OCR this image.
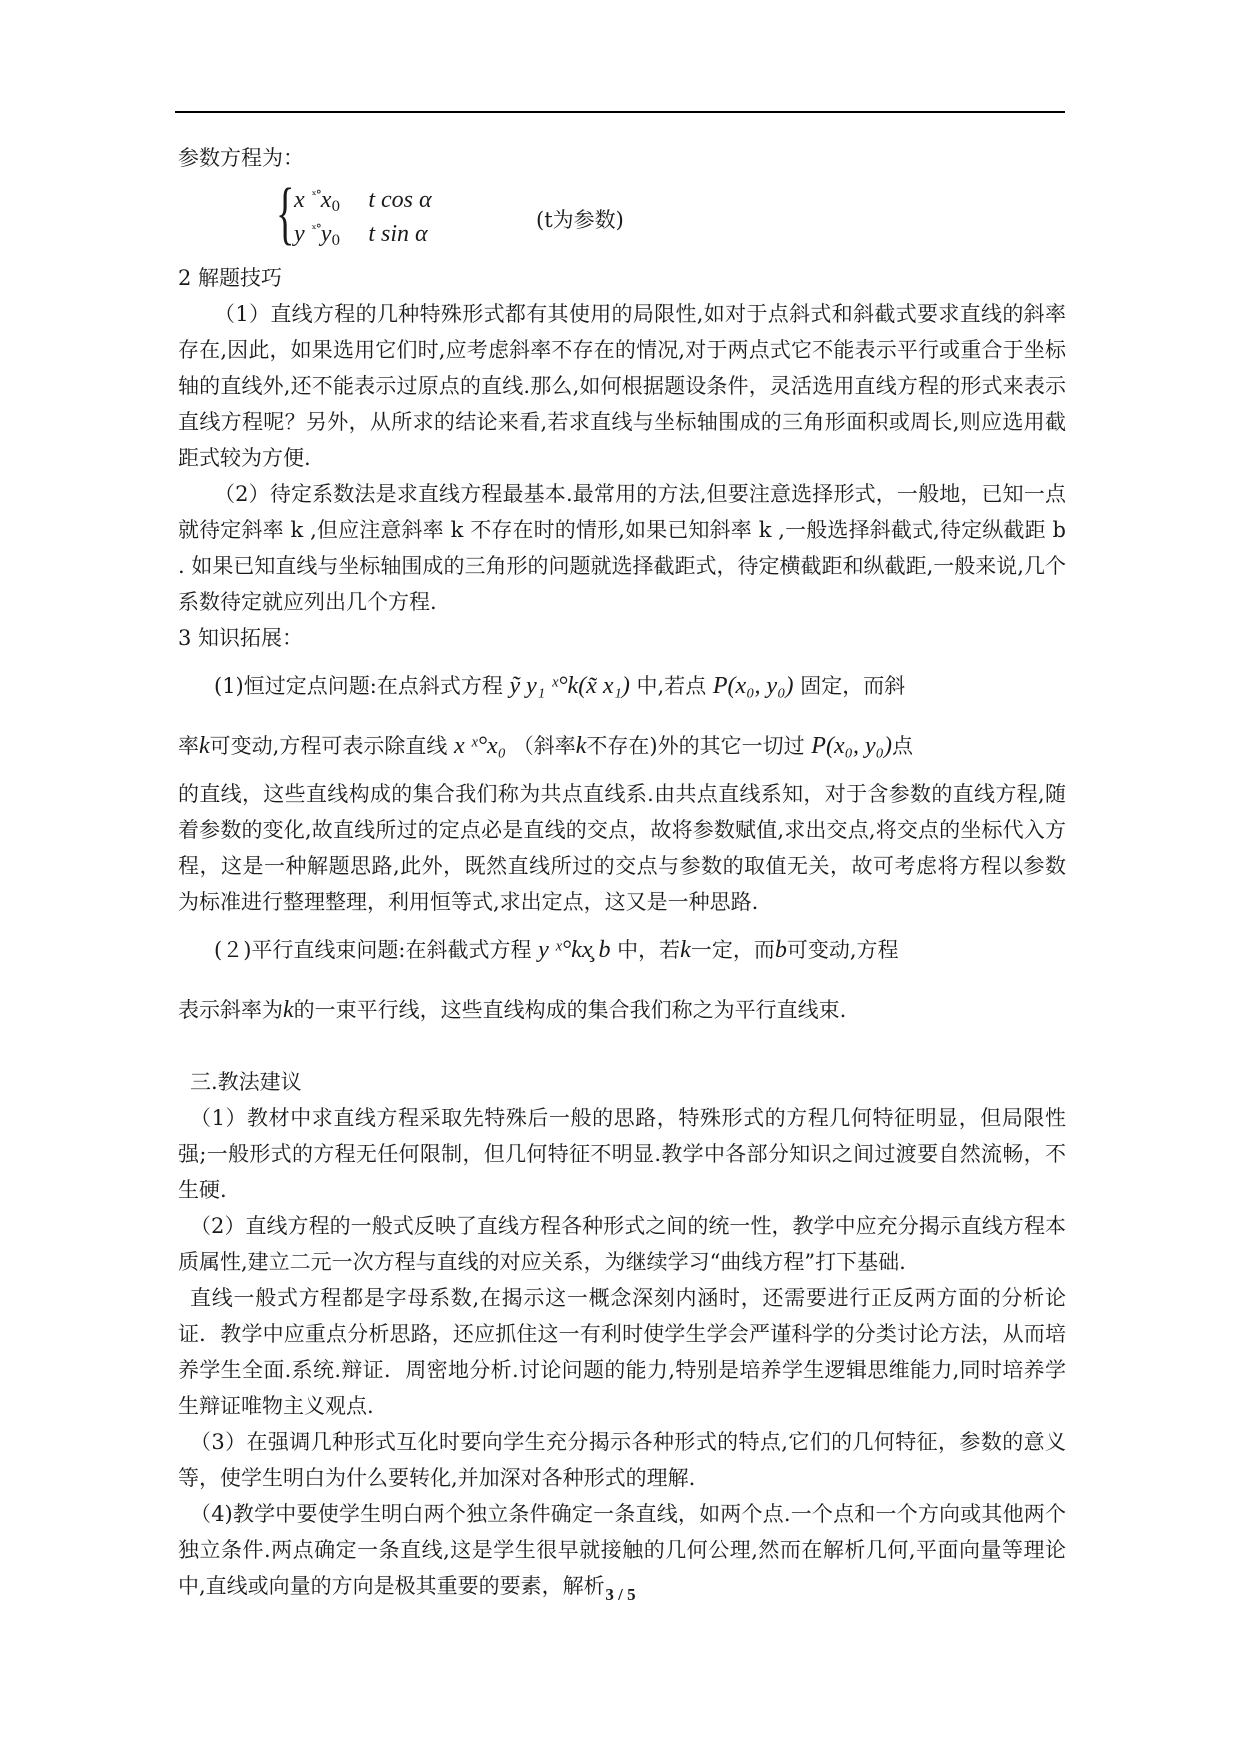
参数方程为：

{ x $^{ˣ^\circ}x_0$ t cos α
y $^{ˣ^\circ}y_0$ t sin α
(t为参数)

2 解题技巧

（1）直线方程的几种特殊形式都有其使用的局限性,如对于点斜式和斜截式要求直线的斜率存在,因此，如果选用它们时,应考虑斜率不存在的情况,对于两点式它不能表示平行或重合于坐标轴的直线外,还不能表示过原点的直线.那么,如何根据题设条件，灵活选用直线方程的形式来表示直线方程呢？另外，从所求的结论来看,若求直线与坐标轴围成的三角形面积或周长,则应选用截距式较为方便.

（2）待定系数法是求直线方程最基本.最常用的方法,但要注意选择形式，一般地，已知一点就待定斜率 k ,但应注意斜率 k 不存在时的情形,如果已知斜率 k ,一般选择斜截式,待定纵截距 b . 如果已知直线与坐标轴围成的三角形的问题就选择截距式，待定横截距和纵截距,一般来说,几个系数待定就应列出几个方程.

3 知识拓展：

(1)恒过定点问题:在点斜式方程 ỹ y₁ ˣ°k(x̃ x₁) 中,若点 P(x₀, y₀) 固定，而斜

率k可变动,方程可表示除直线 x ˣ°x₀ （斜率k不存在)外的其它一切过 P(x₀, y₀)点

的直线，这些直线构成的集合我们称为共点直线系.由共点直线系知，对于含参数的直线方程,随着参数的变化,故直线所过的定点必是直线的交点，故将参数赋值,求出交点,将交点的坐标代入方程，这是一种解题思路,此外，既然直线所过的交点与参数的取值无关，故可考虑将方程以参数为标准进行整理整理，利用恒等式,求出定点，这又是一种思路.

(２)平行直线束问题:在斜截式方程 y ˣ°kx̧ b 中，若k一定，而b可变动,方程

表示斜率为k的一束平行线，这些直线构成的集合我们称之为平行直线束.

三.教法建议

（1）教材中求直线方程采取先特殊后一般的思路，特殊形式的方程几何特征明显，但局限性强;一般形式的方程无任何限制，但几何特征不明显.教学中各部分知识之间过渡要自然流畅，不生硬.

（2）直线方程的一般式反映了直线方程各种形式之间的统一性，教学中应充分揭示直线方程本质属性,建立二元一次方程与直线的对应关系，为继续学习“曲线方程”打下基础.

直线一般式方程都是字母系数,在揭示这一概念深刻内涵时，还需要进行正反两方面的分析论证．教学中应重点分析思路，还应抓住这一有利时使学生学会严谨科学的分类讨论方法，从而培养学生全面.系统.辩证．周密地分析.讨论问题的能力,特别是培养学生逻辑思维能力,同时培养学生辩证唯物主义观点.

（3）在强调几种形式互化时要向学生充分揭示各种形式的特点,它们的几何特征，参数的意义等，使学生明白为什么要转化,并加深对各种形式的理解.

（4)教学中要使学生明白两个独立条件确定一条直线，如两个点.一个点和一个方向或其他两个独立条件.两点确定一条直线,这是学生很早就接触的几何公理,然而在解析几何,平面向量等理论中,直线或向量的方向是极其重要的要素，解析 3 / 5
